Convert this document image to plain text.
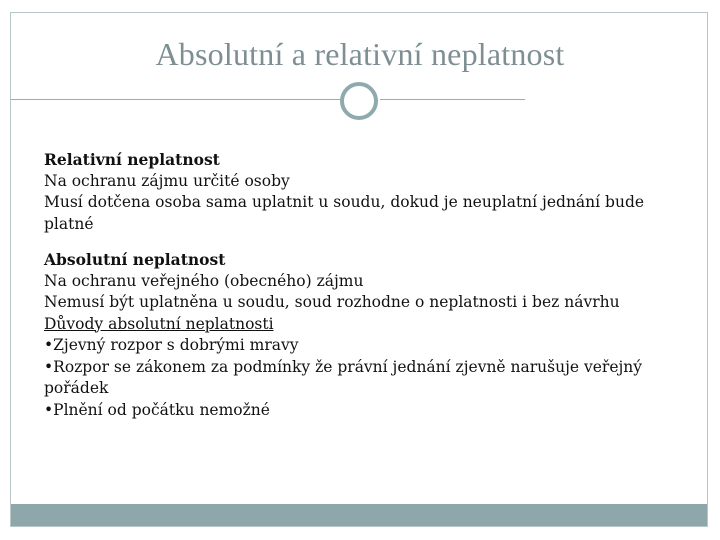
Absolutní a relativní neplatnost

Relativní neplatnost

Na ochranu zájmu určité osoby

Musí dotčena osoba sama uplatnit u soudu, dokud je neuplatní jednání bude platné

Absolutní neplatnost

Na ochranu veřejného (obecného) zájmu

Nemusí být uplatněna u soudu, soud rozhodne o neplatnosti i bez návrhu

Důvody absolutní neplatnosti

•Zjevný rozpor s dobrými mravy

•Rozpor se zákonem za podmínky že právní jednání zjevně narušuje veřejný pořádek

•Plnění od počátku nemožné
